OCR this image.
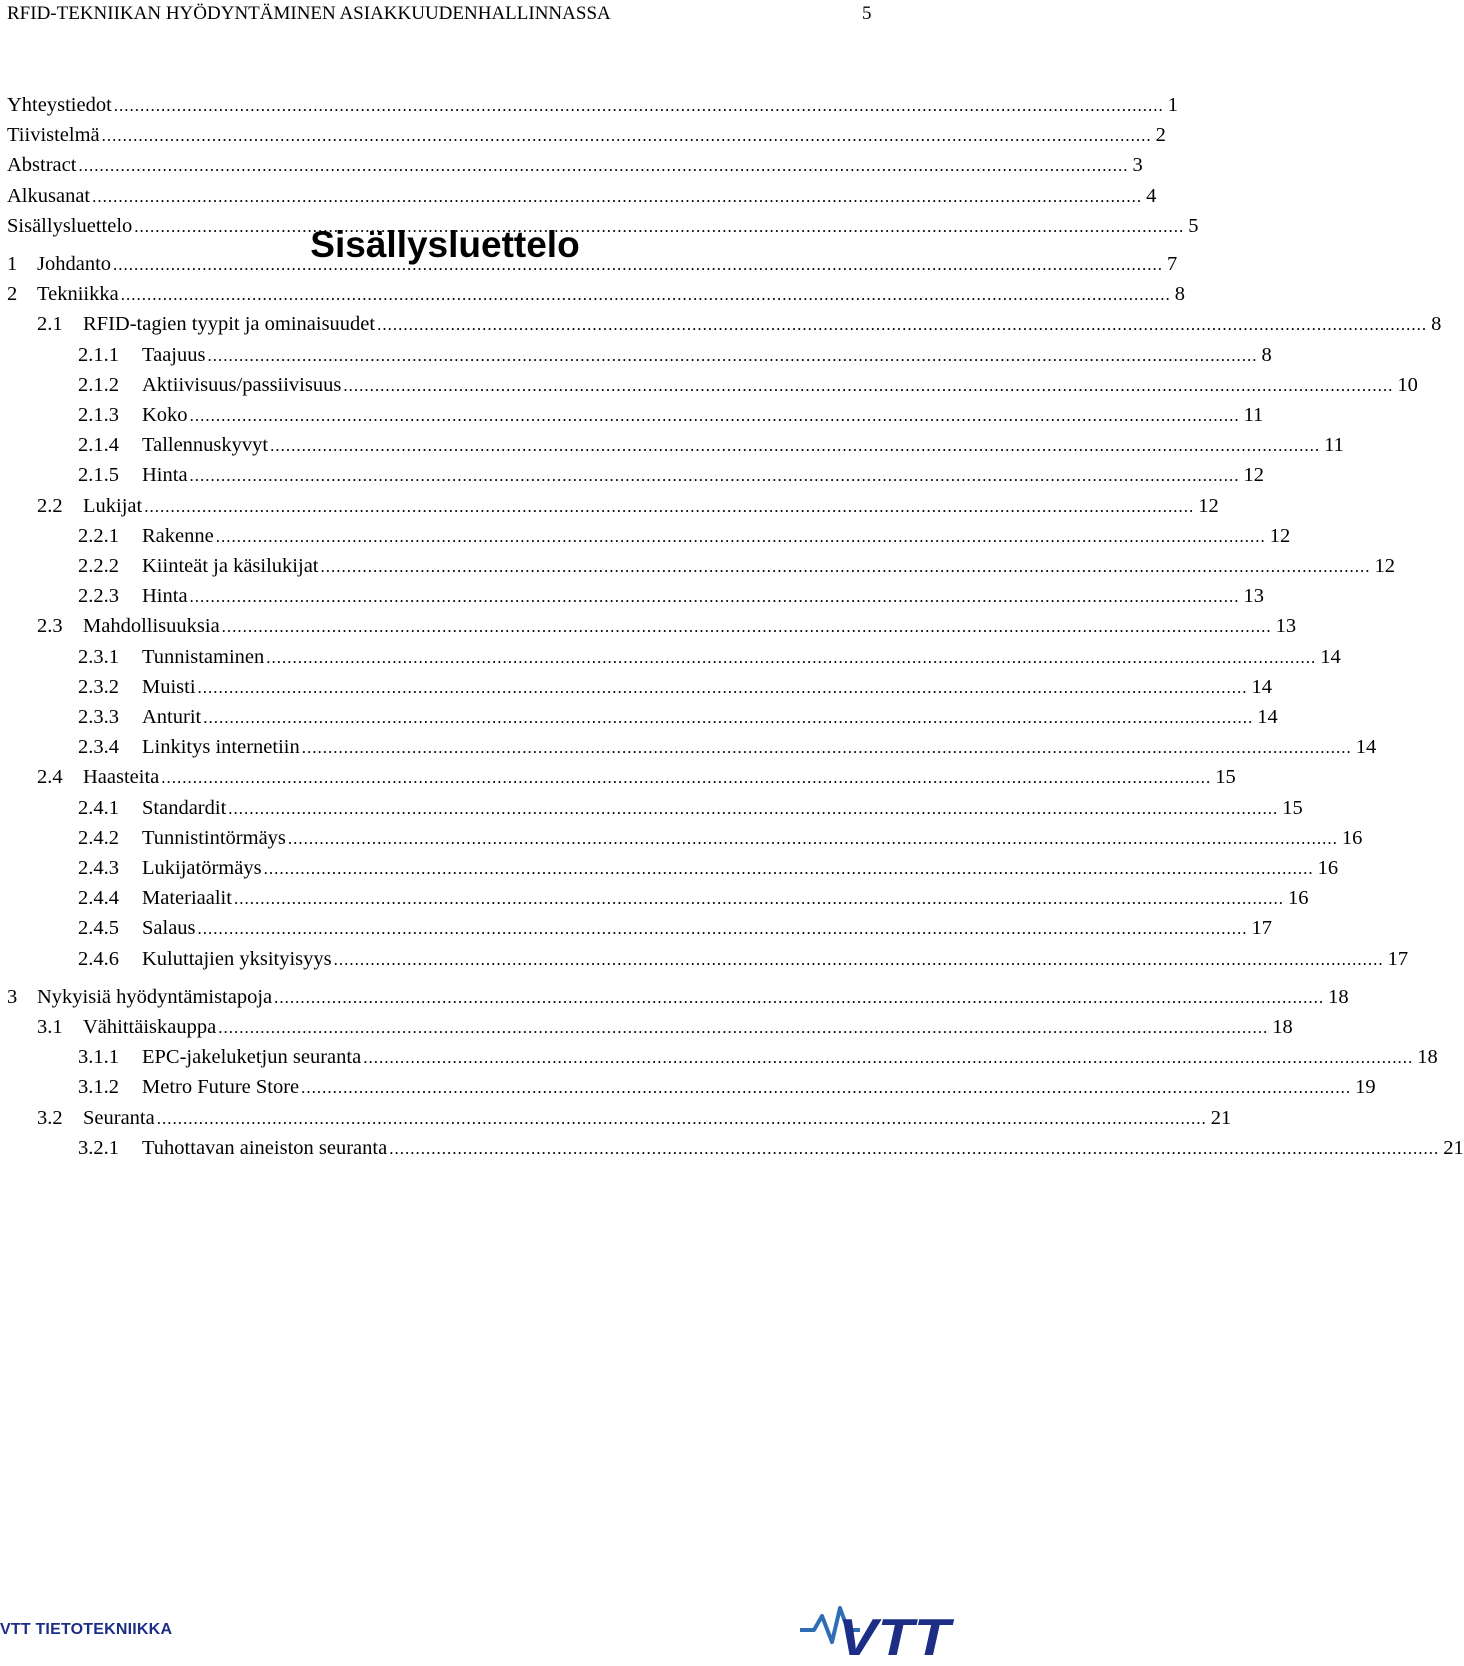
RFID-TEKNIIKAN HYÖDYNTÄMINEN ASIAKKUUDENHALLINNASSA	5
Sisällysluettelo
Yhteystiedot ........................................................................................................................................................................................................ 1
Tiivistelmä ........................................................................................................................................................................................................ 2
Abstract ........................................................................................................................................................................................................ 3
Alkusanat ........................................................................................................................................................................................................ 4
Sisällysluettelo ........................................................................................................................................................................................................ 5
1 Johdanto ........................................................................................................................................................................................................ 7
2 Tekniikka ........................................................................................................................................................................................................ 8
2.1 RFID-tagien tyypit ja ominaisuudet ........................................................................................................................................................................................................ 8
2.1.1 Taajuus ........................................................................................................................................................................................................ 8
2.1.2 Aktiivisuus/passiivisuus ........................................................................................................................................................................................................ 10
2.1.3 Koko ........................................................................................................................................................................................................ 11
2.1.4 Tallennuskyvyt ........................................................................................................................................................................................................ 11
2.1.5 Hinta ........................................................................................................................................................................................................ 12
2.2 Lukijat ........................................................................................................................................................................................................ 12
2.2.1 Rakenne ........................................................................................................................................................................................................ 12
2.2.2 Kiinteät ja käsilukijat ........................................................................................................................................................................................................ 12
2.2.3 Hinta ........................................................................................................................................................................................................ 13
2.3 Mahdollisuuksia ........................................................................................................................................................................................................ 13
2.3.1 Tunnistaminen ........................................................................................................................................................................................................ 14
2.3.2 Muisti ........................................................................................................................................................................................................ 14
2.3.3 Anturit ........................................................................................................................................................................................................ 14
2.3.4 Linkitys internetiin ........................................................................................................................................................................................................ 14
2.4 Haasteita ........................................................................................................................................................................................................ 15
2.4.1 Standardit ........................................................................................................................................................................................................ 15
2.4.2 Tunnistintörmäys ........................................................................................................................................................................................................ 16
2.4.3 Lukijatörmäys ........................................................................................................................................................................................................ 16
2.4.4 Materiaalit ........................................................................................................................................................................................................ 16
2.4.5 Salaus ........................................................................................................................................................................................................ 17
2.4.6 Kuluttajien yksityisyys ........................................................................................................................................................................................................ 17
3 Nykyisiä hyödyntämistapoja ........................................................................................................................................................................................................ 18
3.1 Vähittäiskauppa ........................................................................................................................................................................................................ 18
3.1.1 EPC-jakeluketjun seuranta ........................................................................................................................................................................................................ 18
3.1.2 Metro Future Store ........................................................................................................................................................................................................ 19
3.2 Seuranta ........................................................................................................................................................................................................ 21
3.2.1 Tuhottavan aineiston seuranta ........................................................................................................................................................................................................ 21
VTT TIETOTEKNIIKKA	VTT
